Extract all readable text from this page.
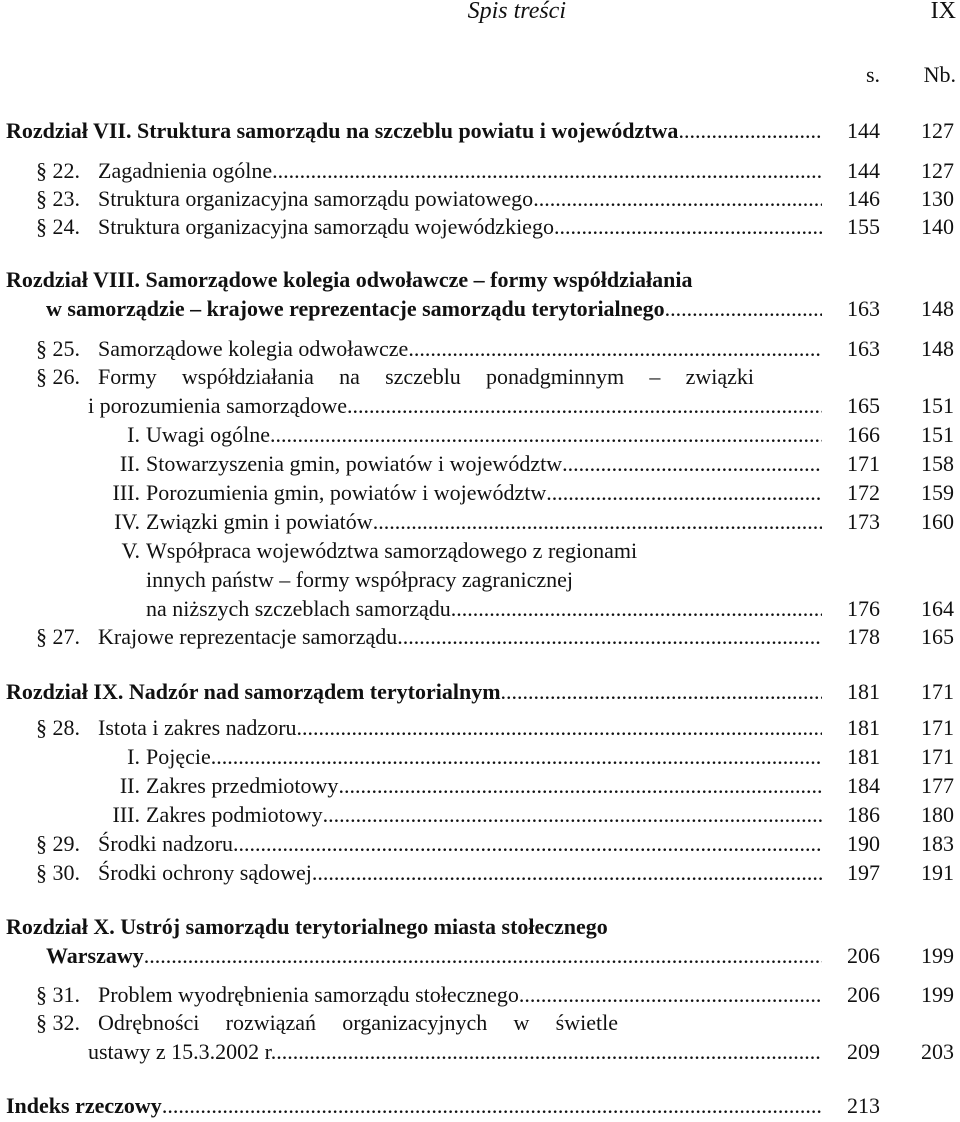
Spis treści	IX
s. Nb.
Rozdział VII. Struktura samorządu na szczeblu powiatu i województwa .....	144	127
§ 22. Zagadnienia ogólne .....	144	127
§ 23. Struktura organizacyjna samorządu powiatowego .....	146	130
§ 24. Struktura organizacyjna samorządu wojewódzkiego .....	155	140
Rozdział VIII. Samorządowe kolegia odwoławcze – formy współdziałania
w samorządzie – krajowe reprezentacje samorządu terytorialnego .....	163	148
§ 25. Samorządowe kolegia odwoławcze .....	163	148
§ 26. Formy współdziałania na szczeblu ponadgminnym – związki
i porozumienia samorządowe .....	165	151
I. Uwagi ogólne .....	166	151
II. Stowarzyszenia gmin, powiatów i województw .....	171	158
III. Porozumienia gmin, powiatów i województw .....	172	159
IV. Związki gmin i powiatów .....	173	160
V. Współpraca województwa samorządowego z regionami
innych państw – formy współpracy zagranicznej
na niższych szczeblach samorządu .....	176	164
§ 27. Krajowe reprezentacje samorządu .....	178	165
Rozdział IX. Nadzór nad samorządem terytorialnym .....	181	171
§ 28. Istota i zakres nadzoru .....	181	171
I. Pojęcie .....	181	171
II. Zakres przedmiotowy .....	184	177
III. Zakres podmiotowy .....	186	180
§ 29. Środki nadzoru .....	190	183
§ 30. Środki ochrony sądowej .....	197	191
Rozdział X. Ustrój samorządu terytorialnego miasta stołecznego
Warszawy .....	206	199
§ 31. Problem wyodrębnienia samorządu stołecznego .....	206	199
§ 32. Odrębności rozwiązań organizacyjnych w świetle
ustawy z 15.3.2002 r. .....	209	203
Indeks rzeczowy .....	213
